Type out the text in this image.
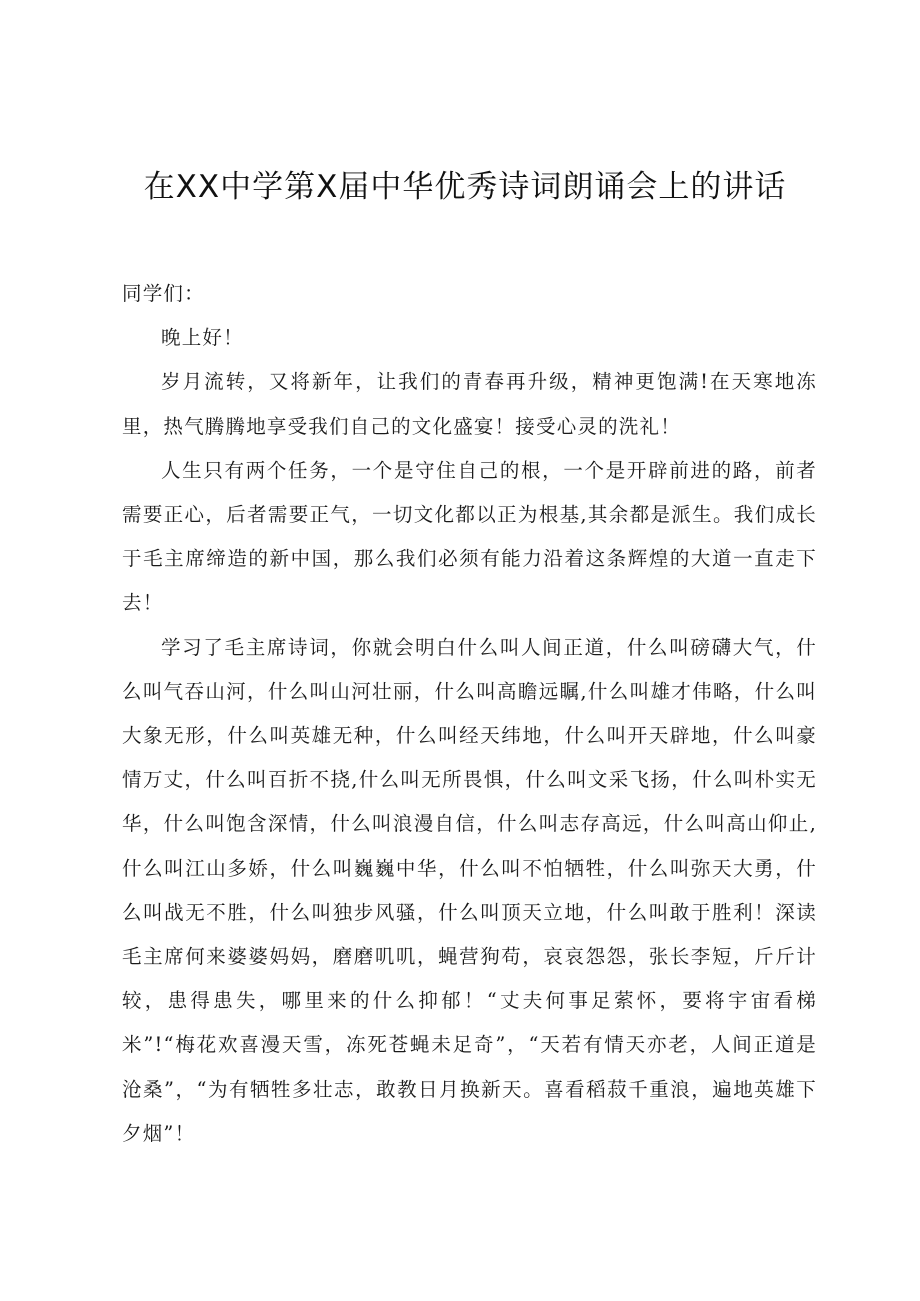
在XX中学第X届中华优秀诗词朗诵会上的讲话

同学们：

晚上好！

岁月流转，又将新年，让我们的青春再升级，精神更饱满!在天寒地冻里，热气腾腾地享受我们自己的文化盛宴！接受心灵的洗礼！

人生只有两个任务，一个是守住自己的根，一个是开辟前进的路，前者需要正心，后者需要正气，一切文化都以正为根基,其余都是派生。我们成长于毛主席缔造的新中国，那么我们必须有能力沿着这条辉煌的大道一直走下去！

学习了毛主席诗词，你就会明白什么叫人间正道，什么叫磅礴大气，什么叫气吞山河，什么叫山河壮丽，什么叫高瞻远瞩,什么叫雄才伟略，什么叫大象无形，什么叫英雄无种，什么叫经天纬地，什么叫开天辟地，什么叫豪情万丈，什么叫百折不挠,什么叫无所畏惧，什么叫文采飞扬，什么叫朴实无华，什么叫饱含深情，什么叫浪漫自信，什么叫志存高远，什么叫高山仰止,什么叫江山多娇，什么叫巍巍中华，什么叫不怕牺牲，什么叫弥天大勇，什么叫战无不胜，什么叫独步风骚，什么叫顶天立地，什么叫敢于胜利！深读毛主席何来婆婆妈妈，磨磨叽叽，蝇营狗苟，哀哀怨怨，张长李短，斤斤计较，患得患失，哪里来的什么抑郁！“丈夫何事足萦怀，要将宇宙看梯米”!“梅花欢喜漫天雪，冻死苍蝇未足奇”，“天若有情天亦老，人间正道是沧桑”，“为有牺牲多壮志，敢教日月换新天。喜看稻菽千重浪，遍地英雄下夕烟”！
